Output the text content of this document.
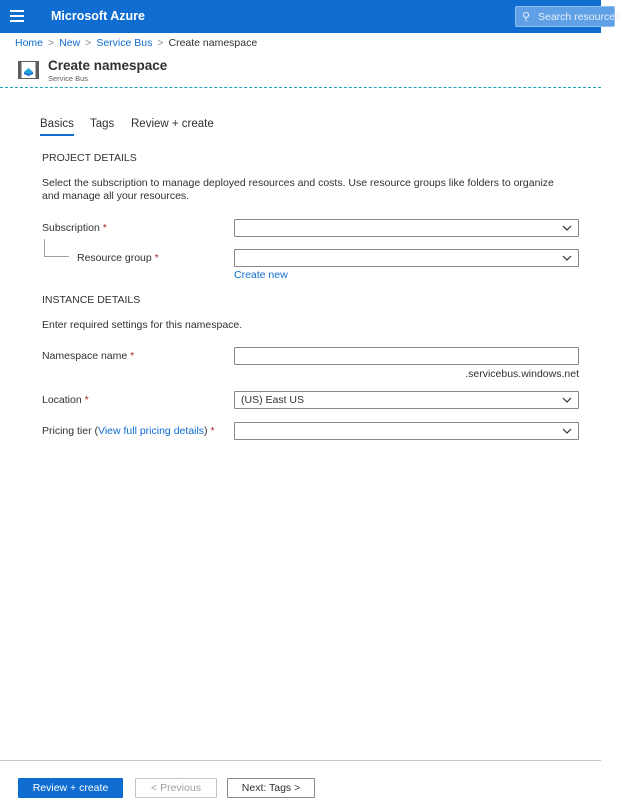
Microsoft Azure	⚲ Search resources
Home > New > Service Bus > Create namespace
Create namespace
Service Bus
Basics Tags Review + create
PROJECT DETAILS
Select the subscription to manage deployed resources and costs. Use resource groups like folders to organize and manage all your resources.
Subscription *
Resource group *
Create new
INSTANCE DETAILS
Enter required settings for this namespace.
Namespace name *
.servicebus.windows.net
Location *	(US) East US
Pricing tier (View full pricing details) *
Review + create	< Previous	Next: Tags >
